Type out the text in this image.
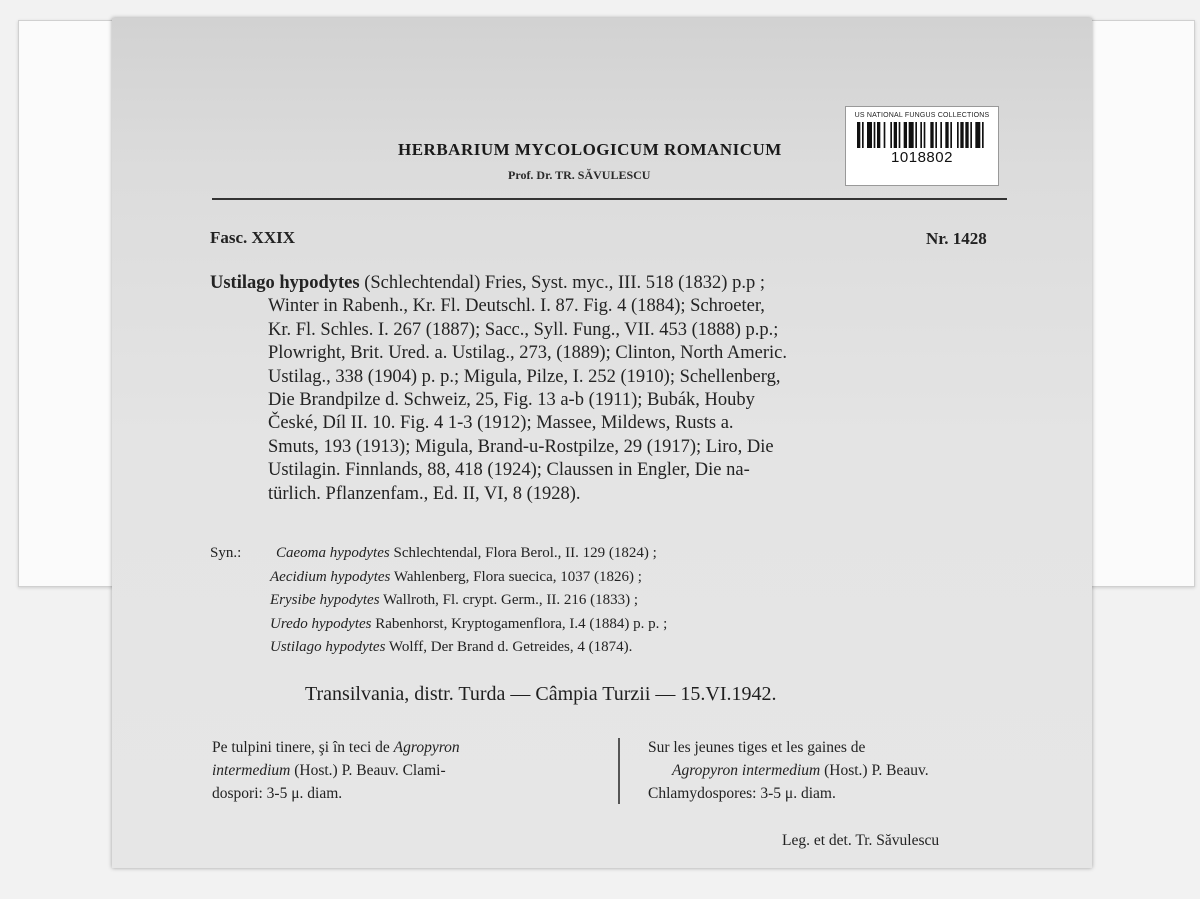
HERBARIUM MYCOLOGICUM ROMANICUM
Prof. Dr. TR. SĂVULESCU
US NATIONAL FUNGUS COLLECTIONS
1018802
Fasc. XXIX	Nr. 1428
Ustilago hypodytes (Schlechtendal) Fries, Syst. myc., III. 518 (1832) p.p ;
Winter in Rabenh., Kr. Fl. Deutschl. I. 87. Fig. 4 (1884); Schroeter,
Kr. Fl. Schles. I. 267 (1887); Sacc., Syll. Fung., VII. 453 (1888) p.p.;
Plowright, Brit. Ured. a. Ustilag., 273, (1889); Clinton, North Americ.
Ustilag., 338 (1904) p. p.; Migula, Pilze, I. 252 (1910); Schellenberg,
Die Brandpilze d. Schweiz, 25, Fig. 13 a-b (1911); Bubák, Houby
České, Díl II. 10. Fig. 4 1-3 (1912); Massee, Mildews, Rusts a.
Smuts, 193 (1913); Migula, Brand-u-Rostpilze, 29 (1917); Liro, Die
Ustilagin. Finnlands, 88, 418 (1924); Claussen in Engler, Die na-
türlich. Pflanzenfam., Ed. II, VI, 8 (1928).
Syn.: Caeoma hypodytes Schlechtendal, Flora Berol., II. 129 (1824) ;
Aecidium hypodytes Wahlenberg, Flora suecica, 1037 (1826) ;
Erysibe hypodytes Wallroth, Fl. crypt. Germ., II. 216 (1833) ;
Uredo hypodytes Rabenhorst, Kryptogamenflora, I.4 (1884) p. p. ;
Ustilago hypodytes Wolff, Der Brand d. Getreides, 4 (1874).
Transilvania, distr. Turda — Câmpia Turzii — 15.VI.1942.
Pe tulpini tinere, şi în teci de Agropyron
intermedium (Host.) P. Beauv. Clami-
dospori: 3-5 μ. diam.
Sur les jeunes tiges et les gaines de
Agropyron intermedium (Host.) P. Beauv.
Chlamydospores: 3-5 μ. diam.
Leg. et det. Tr. Săvulescu
